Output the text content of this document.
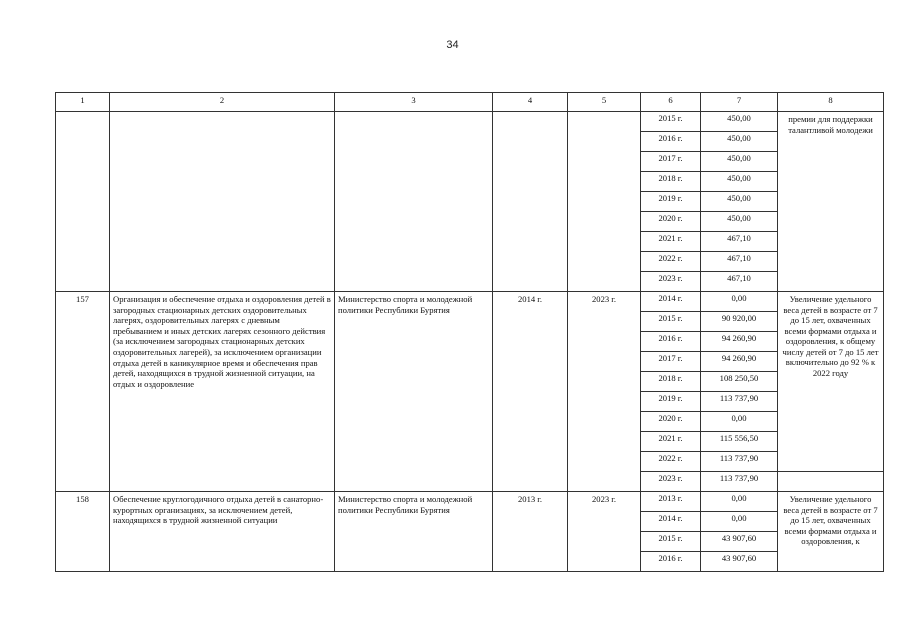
34
1	2	3	4	5	6	7	8
					2015 г.	450,00	премии для поддержки талантливой молодежи
					2016 г.	450,00	
					2017 г.	450,00	
					2018 г.	450,00	
					2019 г.	450,00	
					2020 г.	450,00	
					2021 г.	467,10	
					2022 г.	467,10	
					2023 г.	467,10	
157	Организация и обеспечение отдыха и оздоровления детей в загородных стационарных детских оздоровительных лагерях, оздоровительных лагерях с дневным пребыванием и иных детских лагерях сезонного действия (за исключением загородных стационарных детских оздоровительных лагерей), за исключением организации отдыха детей в каникулярное время и обеспечения прав детей, находящихся в трудной жизненной ситуации, на отдых и оздоровление	Министерство спорта и молодежной политики Республики Бурятия	2014 г.	2023 г.	2014 г.	0,00	Увеличение удельного веса детей в возрасте от 7 до 15 лет, охваченных всеми формами отдыха и оздоровления, к общему числу детей от 7 до 15 лет включительно до 92 % к 2022 году
					2015 г.	90 920,00	
					2016 г.	94 260,90	
					2017 г.	94 260,90	
					2018 г.	108 250,50	
					2019 г.	113 737,90	
					2020 г.	0,00	
					2021 г.	115 556,50	
					2022 г.	113 737,90	
					2023 г.	113 737,90	
158	Обеспечение круглогодичного отдыха детей в санаторно-курортных организациях, за исключением детей, находящихся в трудной жизненной ситуации	Министерство спорта и молодежной политики Республики Бурятия	2013 г.	2023 г.	2013 г.	0,00	Увеличение удельного веса детей в возрасте от 7 до 15 лет, охваченных всеми формами отдыха и оздоровления, к
					2014 г.	0,00	
					2015 г.	43 907,60	
					2016 г.	43 907,60	
